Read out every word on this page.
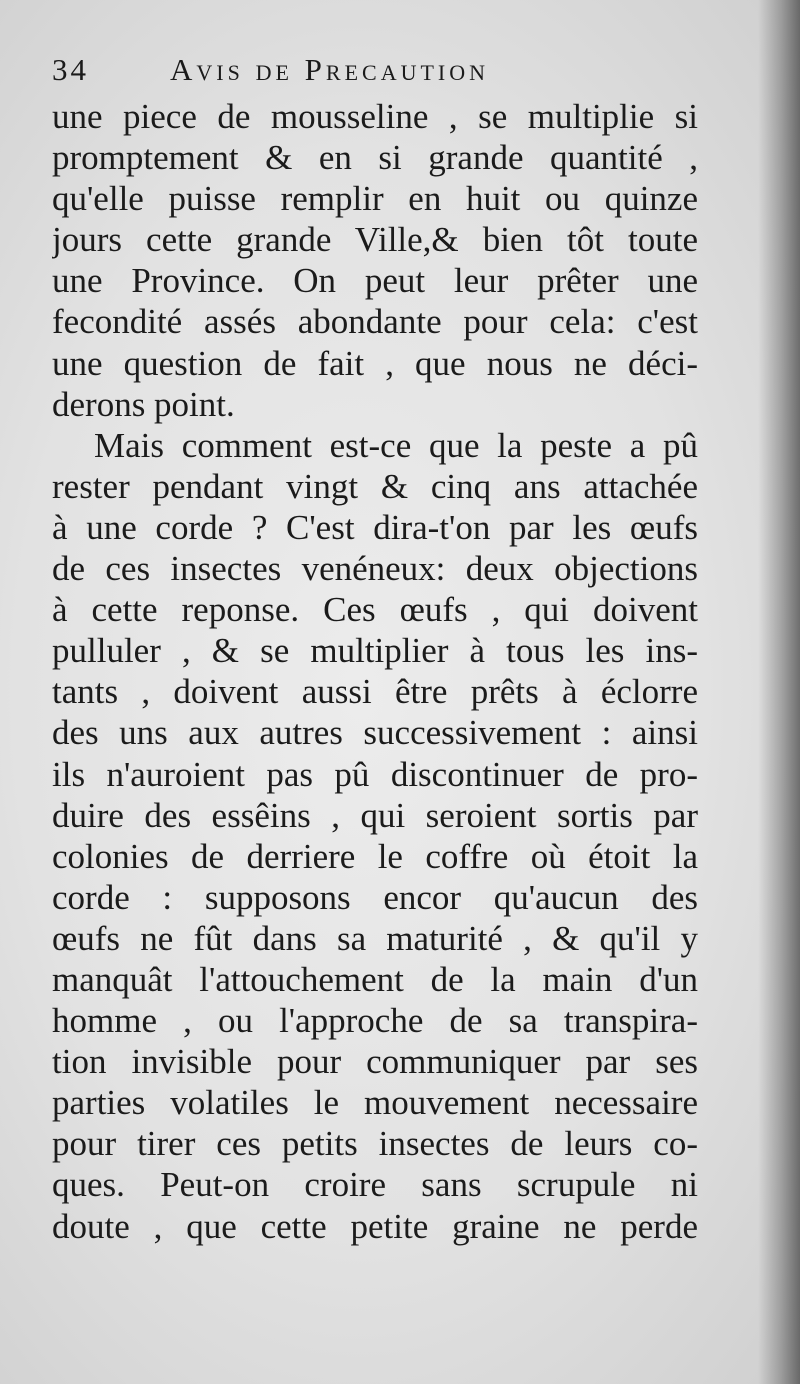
34	Avis de Precaution
une piece de mousseline , se multiplie si
promptement & en si grande quantité ,
qu'elle puisse remplir en huit ou quinze
jours cette grande Ville,& bien tôt toute
une Province. On peut leur prêter une
fecondité assés abondante pour cela: c'est
une question de fait , que nous ne déci-
derons point.
Mais comment est-ce que la peste a pû
rester pendant vingt & cinq ans attachée
à une corde ? C'est dira-t'on par les œufs
de ces insectes venéneux: deux objections
à cette reponse. Ces œufs , qui doivent
pulluler , & se multiplier à tous les ins-
tants , doivent aussi être prêts à éclorre
des uns aux autres successivement : ainsi
ils n'auroient pas pû discontinuer de pro-
duire des essêins , qui seroient sortis par
colonies de derriere le coffre où étoit la
corde : supposons encor qu'aucun des
œufs ne fût dans sa maturité , & qu'il y
manquât l'attouchement de la main d'un
homme , ou l'approche de sa transpira-
tion invisible pour communiquer par ses
parties volatiles le mouvement necessaire
pour tirer ces petits insectes de leurs co-
ques. Peut-on croire sans scrupule ni
doute , que cette petite graine ne perde
